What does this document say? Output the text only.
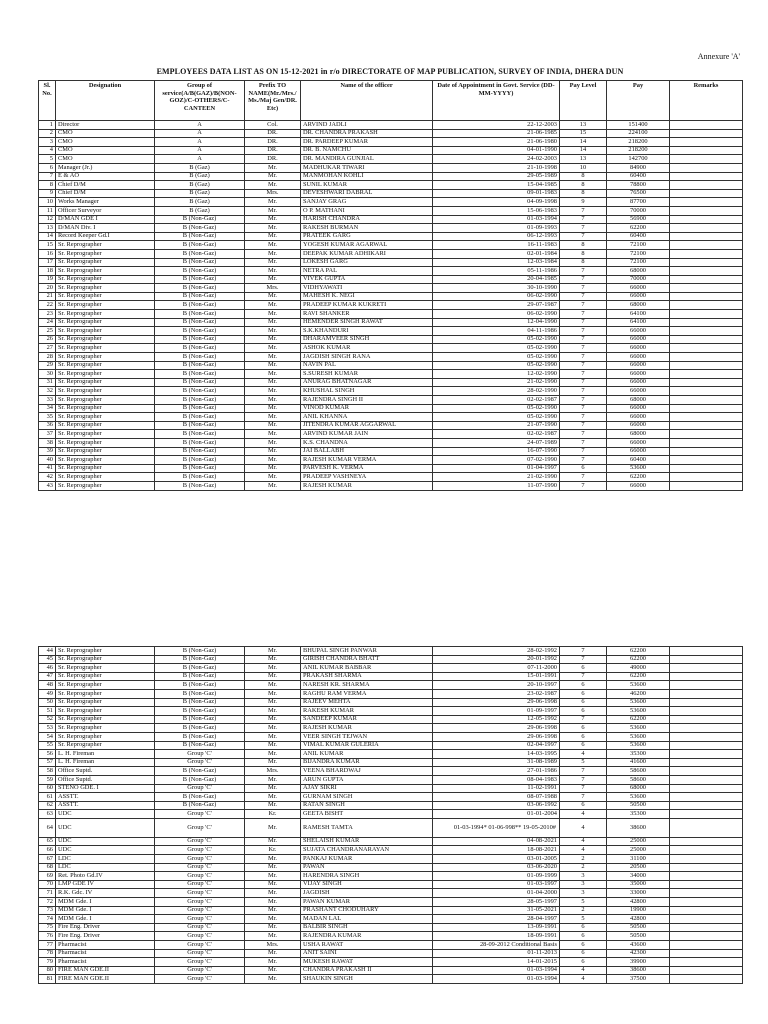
Annexure 'A'
EMPLOYEES DATA LIST AS ON 15-12-2021 in r/o DIRECTORATE OF MAP PUBLICATION, SURVEY OF INDIA, DHERA DUN
Sl. No.	Designation	Group of service(A/B(GAZ)/B(NON-GOZ)/C-OTHERS/C-CANTEEN	Prefix TO NAME(Mr./Mrs./ Ms./Maj Gen/DR. Etc)	Name of the officer	Date of Appointment in Govt. Service (DD-MM-YYYY)	Pay Level	Pay	Remarks
1	Director	A	Col.	ARVIND JADLI	22-12-2003	13	151400	
2	CMO	A	DR.	DR. CHANDRA PRAKASH	21-06-1985	15	224100	
3	CMO	A	DR.	DR. PARDEEP KUMAR	21-06-1980	14	218200	
4	CMO	A	DR.	DR. B. NAMCHU	04-01-1990	14	218200	
5	CMO	A	DR.	DR. MANDIRA GUNJIAL	24-02-2003	13	142700	
6	Manager (Jr.)	B (Gaz)	Mr.	MADHUKAR TIWARI	21-10-1998	10	84900	
7	E & AO	B (Gaz)	Mr.	MANMOHAN KOHLI	29-05-1989	8	60400	
8	Chief D/M	B (Gaz)	Mr.	SUNIL KUMAR	15-04-1985	8	78800	
9	Chief D/M	B (Gaz)	Mrs.	DEVESHWARI DABRAL	09-01-1983	8	76500	
10	Works Manager	B (Gaz)	Mr.	SANJAY GRAG	04-09-1998	9	87700	
11	Officer Surveyor	B (Gaz)	Mr.	O P. MATHANI	15-06-1983	7	70000	
12	D/MAN GDE I	B (Non-Gaz)	Mr.	HARISH CHANDRA	01-03-1994	7	56900	
13	D/MAN Div. I	B (Non-Gaz)	Mr.	RAKESH BURMAN	01-09-1993	7	62200	
14	Record Keeper Gd.I	B (Non-Gaz)	Mr.	PRATEEK GARG	06-12-1993	7	60400	
15	Sr. Reprographer	B (Non-Gaz)	Mr.	YOGESH KUMAR AGARWAL	16-11-1983	8	72100	
16	Sr. Reprographer	B (Non-Gaz)	Mr.	DEEPAK KUMAR ADHIKARI	02-01-1984	8	72100	
17	Sr. Reprographer	B (Non-Gaz)	Mr.	LOKESH GARG	12-03-1984	8	72100	
18	Sr. Reprographer	B (Non-Gaz)	Mr.	NETRA PAL	05-11-1986	7	68000	
19	Sr. Reprographer	B (Non-Gaz)	Mr.	VIVEK GUPTA	20-04-1985	7	70000	
20	Sr. Reprographer	B (Non-Gaz)	Mrs.	VIDHYAWATI	30-10-1990	7	66000	
21	Sr. Reprographer	B (Non-Gaz)	Mr.	MAHESH K. NEGI	06-02-1990	7	66000	
22	Sr. Reprographer	B (Non-Gaz)	Mr.	PRADEEP KUMAR KUKRETI	29-07-1987	7	68000	
23	Sr. Reprographer	B (Non-Gaz)	Mr.	RAVI SHANKER	06-02-1990	7	64100	
24	Sr. Reprographer	B (Non-Gaz)	Mr.	HEMENDER SINGH RAWAT	12-04-1990	7	64100	
25	Sr. Reprographer	B (Non-Gaz)	Mr.	S.K.KHANDURI	04-11-1986	7	66000	
26	Sr. Reprographer	B (Non-Gaz)	Mr.	DHARAMVEER SINGH	05-02-1990	7	66000	
27	Sr. Reprographer	B (Non-Gaz)	Mr.	ASHOK KUMAR	05-02-1990	7	66000	
28	Sr. Reprographer	B (Non-Gaz)	Mr.	JAGDISH SINGH RANA	05-02-1990	7	66000	
29	Sr. Reprographer	B (Non-Gaz)	Mr.	NAVIN PAL	05-02-1990	7	66000	
30	Sr. Reprographer	B (Non-Gaz)	Mr.	S.SURESH KUMAR	12-02-1990	7	66000	
31	Sr. Reprographer	B (Non-Gaz)	Mr.	ANURAG BHATNAGAR	21-02-1990	7	66000	
32	Sr. Reprographer	B (Non-Gaz)	Mr.	KHUSHAL SINGH	28-02-1990	7	66000	
33	Sr. Reprographer	B (Non-Gaz)	Mr.	RAJENDRA SINGH II	02-02-1987	7	68000	
34	Sr. Reprographer	B (Non-Gaz)	Mr.	VINOD KUMAR	05-02-1990	7	66000	
35	Sr. Reprographer	B (Non-Gaz)	Mr.	ANIL KHANNA	05-02-1990	7	66000	
36	Sr. Reprographer	B (Non-Gaz)	Mr.	JITENDRA KUMAR AGGARWAL	21-07-1990	7	66000	
37	Sr. Reprographer	B (Non-Gaz)	Mr.	ARVIND KUMAR JAIN	02-02-1987	7	68000	
38	Sr. Reprographer	B (Non-Gaz)	Mr.	K.S. CHANDNA	24-07-1989	7	66000	
39	Sr. Reprographer	B (Non-Gaz)	Mr.	JAI BALLABH	16-07-1990	7	66000	
40	Sr. Reprographer	B (Non-Gaz)	Mr.	RAJESH KUMAR VERMA	07-02-1990	7	60400	
41	Sr. Reprographer	B (Non-Gaz)	Mr.	PARVESH K. VERMA	01-04-1997	6	53600	
42	Sr. Reprographer	B (Non-Gaz)	Mr.	PRADEEP VASHNEYA	21-02-1990	7	62200	
43	Sr. Reprographer	B (Non-Gaz)	Mr.	RAJESH KUMAR	11-07-1990	7	66000	
44	Sr. Reprographer	B (Non-Gaz)	Mr.	BHUPAL SINGH PANWAR	28-02-1992	7	62200	
45	Sr. Reprographer	B (Non-Gaz)	Mr.	GIRISH CHANDRA BHATT	20-01-1992	7	62200	
46	Sr. Reprographer	B (Non-Gaz)	Mr.	ANIL KUMAR BABBAR	07-11-2000	6	49000	
47	Sr. Reprographer	B (Non-Gaz)	Mr.	PRAKASH SHARMA	15-01-1991	7	62200	
48	Sr. Reprographer	B (Non-Gaz)	Mr.	NARESH KR. SHARMA	20-10-1997	6	53600	
49	Sr. Reprographer	B (Non-Gaz)	Mr.	RAGHU RAM VERMA	23-02-1987	6	46200	
50	Sr. Reprographer	B (Non-Gaz)	Mr.	RAJEEV MEHTA	29-06-1998	6	53600	
51	Sr. Reprographer	B (Non-Gaz)	Mr.	RAKESH KUMAR	01-09-1997	6	53600	
52	Sr. Reprographer	B (Non-Gaz)	Mr.	SANDEEP KUMAR	12-05-1992	7	62200	
53	Sr. Reprographer	B (Non-Gaz)	Mr.	RAJESH KUMAR	29-06-1998	6	53600	
54	Sr. Reprographer	B (Non-Gaz)	Mr.	VEER SINGH TEJWAN	29-06-1998	6	53600	
55	Sr. Reprographer	B (Non-Gaz)	Mr.	VIMAL KUMAR GULERIA	02-04-1997	6	53600	
56	L. H. Fireman	Group 'C'	Mr.	ANIL KUMAR	14-03-1995	4	35300	
57	L. H. Fireman	Group 'C'	Mr.	BIJANDRA KUMAR	31-08-1989	5	41600	
58	Office Suptd.	B (Non-Gaz)	Mrs.	VEENA BHARDWAJ	27-01-1986	7	58600	
59	Office Suptd.	B (Non-Gaz)	Mr.	ARUN GUPTA	08-04-1983	7	58600	
60	STENO GDE. I	Group 'C'	Mr.	AJAY SIKRI	11-02-1991	7	68000	
61	ASSTT.	B (Non-Gaz)	Mr.	GURNAM SINGH	08-07-1988	7	53600	
62	ASSTT.	B (Non-Gaz)	Mr.	RATAN SINGH	03-06-1992	6	50500	
63	UDC	Group 'C'	Kr.	GEETA BISHT	01-01-2004	4	35300	
64	UDC	Group 'C'	Mr.	RAMESH TAMTA	01-03-1994* 01-06-998** 19-05-2010#	4	38600	
65	UDC	Group 'C'	Mr.	SHELAISH KUMAR	04-08-2021	4	25000	
66	UDC	Group 'C'	Kr.	SUJATA CHANDRANARAYAN	18-08-2021	4	25000	
67	LDC	Group 'C'	Mr.	PANKAJ KUMAR	03-01-2005	2	31100	
68	LDC	Group 'C'	Mr.	PAWAN	03-06-2020	2	20500	
69	Ret. Photo Gd.IV	Group 'C'	Mr.	HARENDRA SINGH	01-09-1999	3	34000	
70	LMP GDE IV	Group 'C'	Mr.	VIJAY SINGH	01-03-1997	3	35000	
71	R.K. Gdc. IV	Group 'C'	Mr.	JAGDISH	01-04-2000	3	33000	
72	MDM Gde. I	Group 'C'	Mr.	PAWAN KUMAR	28-05-1997	5	42800	
73	MDM Gde. I	Group 'C'	Mr.	PRASHANT CHODUHARY	31-05-2021	2	19900	
74	MDM Gde. I	Group 'C'	Mr.	MADAN LAL	28-04-1997	5	42800	
75	Fire Eng. Driver	Group 'C'	Mr.	BALBIR SINGH	13-09-1991	6	50500	
76	Fire Eng. Driver	Group 'C'	Mr.	RAJENDRA KUMAR	18-09-1991	6	50500	
77	Pharmacist	Group 'C'	Mrs.	USHA RAWAT	28-09-2012 Conditional Basis	6	43600	
78	Pharmacist	Group 'C'	Mr.	ANIT SAINI	01-11-2013	6	42300	
79	Pharmacist	Group 'C'	Mr.	MUKESH RAWAT	14-01-2015	6	39900	
80	FIRE MAN GDE.II	Group 'C'	Mr.	CHANDRA PRAKASH II	01-03-1994	4	38600	
81	FIRE MAN GDE.II	Group 'C'	Mr.	SHAUKIN SINGH	01-03-1994	4	37500	
